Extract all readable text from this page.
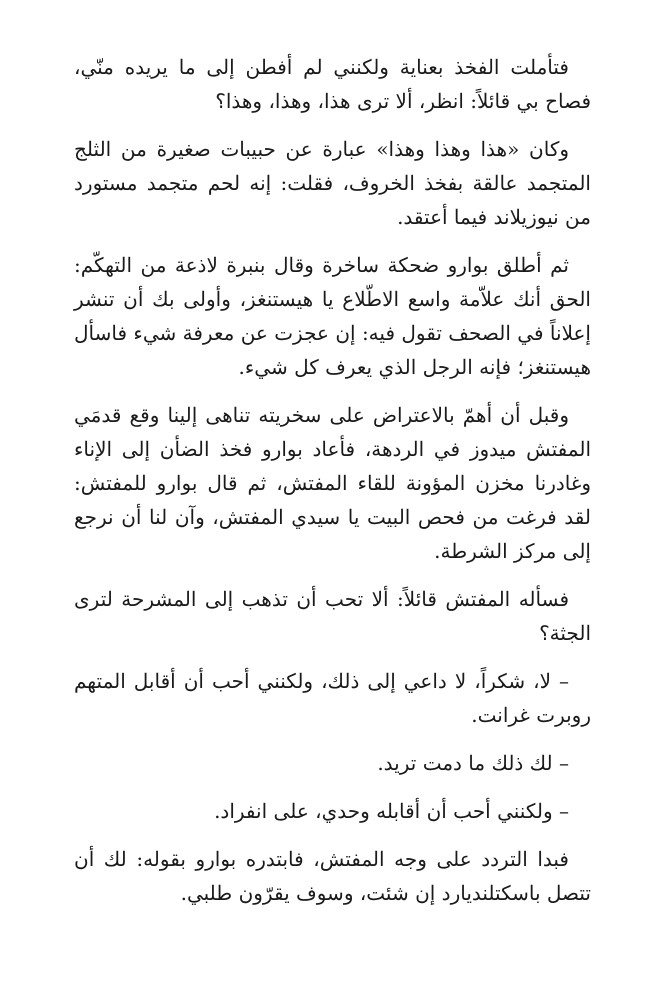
فتأملت الفخذ بعناية ولكنني لم أفطن إلى ما يريده منّي، فصاح بي قائلاً: انظر، ألا ترى هذا، وهذا، وهذا؟

وكان «هذا وهذا وهذا» عبارة عن حبيبات صغيرة من الثلج المتجمد عالقة بفخذ الخروف، فقلت: إنه لحم متجمد مستورد من نيوزيلاند فيما أعتقد.

ثم أطلق بوارو ضحكة ساخرة وقال بنبرة لاذعة من التهكّم: الحق أنك علاّمة واسع الاطّلاع يا هيستنغز، وأولى بك أن تنشر إعلاناً في الصحف تقول فيه: إن عجزت عن معرفة شيء فاسأل هيستنغز؛ فإنه الرجل الذي يعرف كل شيء.

وقبل أن أهمّ بالاعتراض على سخريته تناهى إلينا وقع قدمَي المفتش ميدوز في الردهة، فأعاد بوارو فخذ الضأن إلى الإناء وغادرنا مخزن المؤونة للقاء المفتش، ثم قال بوارو للمفتش: لقد فرغت من فحص البيت يا سيدي المفتش، وآن لنا أن نرجع إلى مركز الشرطة.

فسأله المفتش قائلاً: ألا تحب أن تذهب إلى المشرحة لترى الجثة؟

– لا، شكراً، لا داعي إلى ذلك، ولكنني أحب أن أقابل المتهم روبرت غرانت.

– لك ذلك ما دمت تريد.

– ولكنني أحب أن أقابله وحدي، على انفراد.

فبدا التردد على وجه المفتش، فابتدره بوارو بقوله: لك أن تتصل باسكتلنديارد إن شئت، وسوف يقرّون طلبي.
